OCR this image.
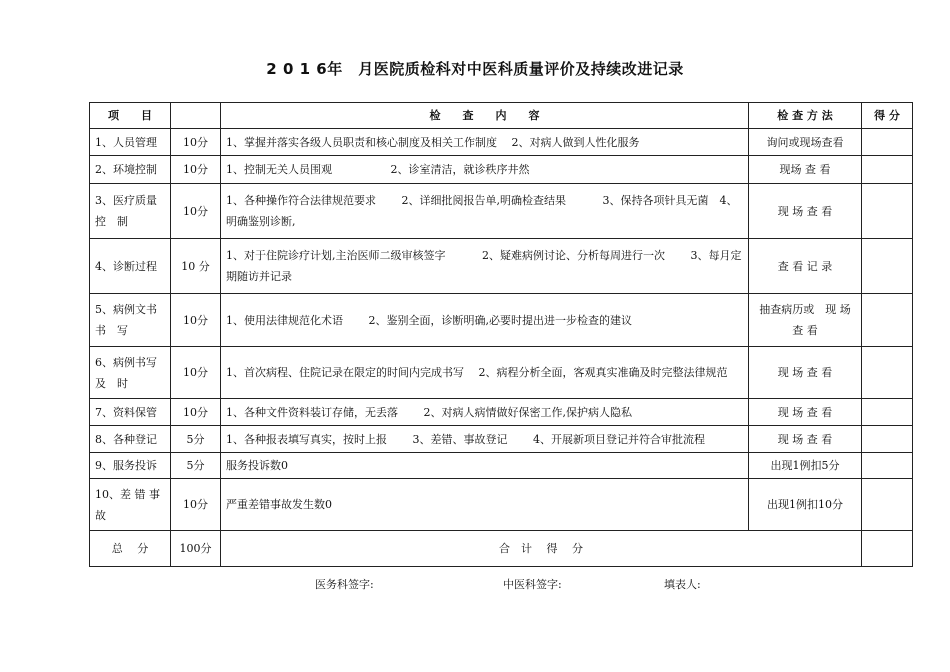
2 0 1 6年　月医院质检科对中医科质量评价及持续改进记录
项　　目		检　　查　　内　　容	检 查 方 法	得 分
1、人员管理	10分	1、掌握并落实各级人员职责和核心制度及相关工作制度　 2、对病人做到人性化服务	询问或现场查看	
2、环境控制	10分	1、控制无关人员围观　　　　　 2、诊室清洁，就诊秩序井然	现场 查 看	
3、医疗质量控　制	10分	1、各种操作符合法律规范要求　　 2、详细批阅报告单,明确检查结果　　　 3、保持各项针具无菌　4、明确鉴别诊断,	现 场 查 看	
4、诊断过程	10 分	1、对于住院诊疗计划,主治医师二级审核签字　　　 2、疑难病例讨论、分析每周进行一次　　 3、每月定期随访并记录	查 看 记 录	
5、病例文书　书　写	10分	1、使用法律规范化术语　　 2、鉴别全面，诊断明确,必要时提出进一步检查的建议	抽查病历或　现 场 查 看	
6、病例书写　及　时	10分	1、首次病程、住院记录在限定的时间内完成书写　 2、病程分析全面，客观真实准确及时完整法律规范	现 场 查 看	
7、资料保管	10分	1、各种文件资料装订存储，无丢落　　 2、对病人病情做好保密工作,保护病人隐私	现 场 查 看	
8、各种登记	5分	1、各种报表填写真实，按时上报　　 3、差错、事故登记　　 4、开展新项目登记并符合审批流程	现 场 查 看	
9、服务投诉	5分	服务投诉数0	出现1例扣5分	
10、差 错 事故	10分	严重差错事故发生数0	出现1例扣10分	
总　 分	100分	合　计　 得　 分		
医务科签字:	中医科签字:	填表人:
